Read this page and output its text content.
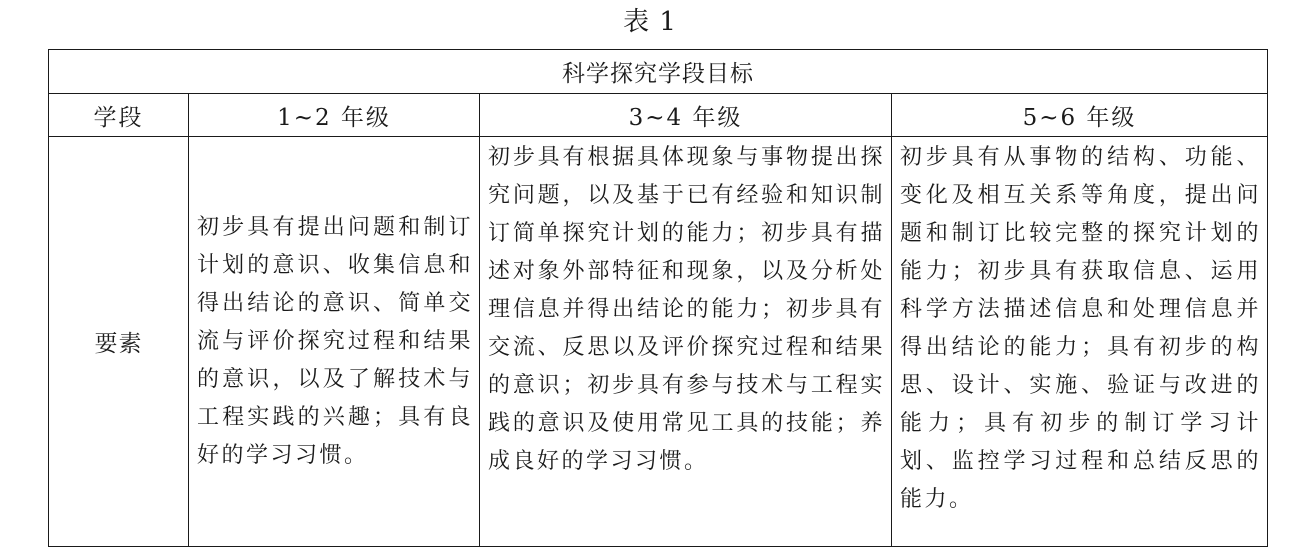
表 1
科学探究学段目标			
学段	1~2 年级	3~4 年级	5~6 年级
要素	初步具有提出问题和制订计划的意识、收集信息和得出结论的意识、简单交流与评价探究过程和结果的意识，以及了解技术与工程实践的兴趣；具有良好的学习习惯。	初步具有根据具体现象与事物提出探究问题，以及基于已有经验和知识制订简单探究计划的能力；初步具有描述对象外部特征和现象，以及分析处理信息并得出结论的能力；初步具有交流、反思以及评价探究过程和结果的意识；初步具有参与技术与工程实践的意识及使用常见工具的技能；养成良好的学习习惯。	初步具有从事物的结构、功能、变化及相互关系等角度，提出问题和制订比较完整的探究计划的能力；初步具有获取信息、运用科学方法描述信息和处理信息并得出结论的能力；具有初步的构思、设计、实施、验证与改进的能力；具有初步的制订学习计划、监控学习过程和总结反思的能力。
